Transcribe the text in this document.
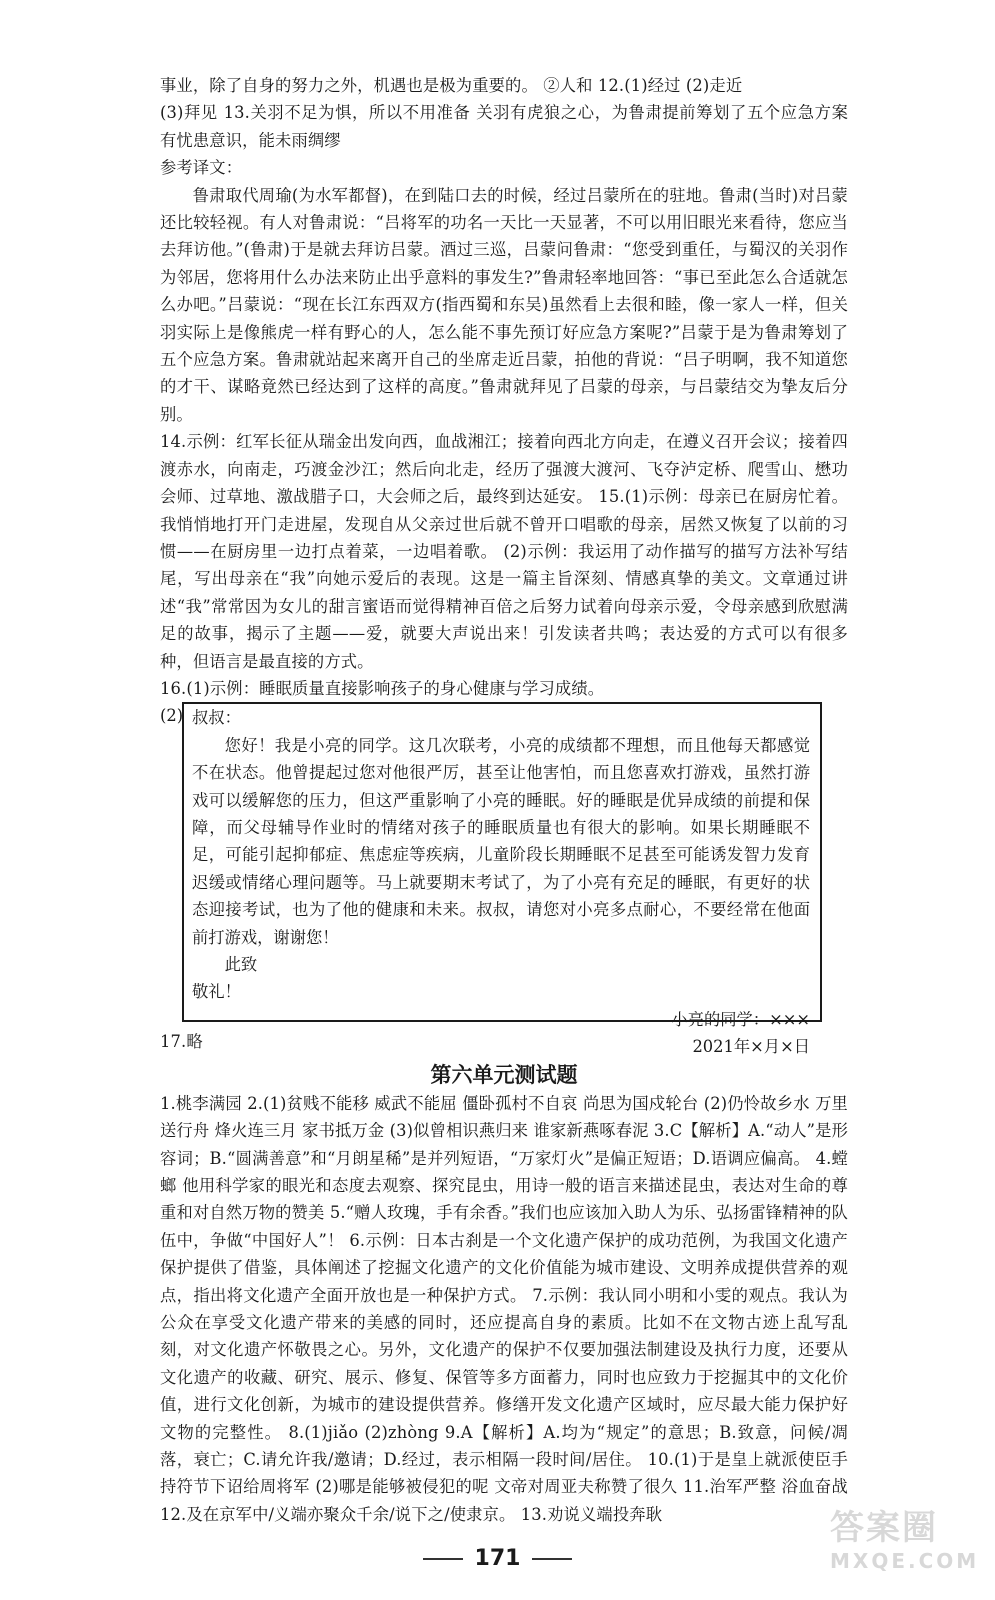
事业，除了自身的努力之外，机遇也是极为重要的。 ②人和 12.(1)经过 (2)走近

(3)拜见 13.关羽不足为惧，所以不用准备 关羽有虎狼之心，为鲁肃提前筹划了五个应急方案 有忧患意识，能未雨绸缪

参考译文：

鲁肃取代周瑜(为水军都督)，在到陆口去的时候，经过吕蒙所在的驻地。鲁肃(当时)对吕蒙还比较轻视。有人对鲁肃说：“吕将军的功名一天比一天显著，不可以用旧眼光来看待，您应当去拜访他。”(鲁肃)于是就去拜访吕蒙。酒过三巡，吕蒙问鲁肃：“您受到重任，与蜀汉的关羽作为邻居，您将用什么办法来防止出乎意料的事发生?”鲁肃轻率地回答：“事已至此怎么合适就怎么办吧。”吕蒙说：“现在长江东西双方(指西蜀和东吴)虽然看上去很和睦，像一家人一样，但关羽实际上是像熊虎一样有野心的人，怎么能不事先预订好应急方案呢?”吕蒙于是为鲁肃筹划了五个应急方案。鲁肃就站起来离开自己的坐席走近吕蒙，拍他的背说：“吕子明啊，我不知道您的才干、谋略竟然已经达到了这样的高度。”鲁肃就拜见了吕蒙的母亲，与吕蒙结交为挚友后分别。

14.示例：红军长征从瑞金出发向西，血战湘江；接着向西北方向走，在遵义召开会议；接着四渡赤水，向南走，巧渡金沙江；然后向北走，经历了强渡大渡河、飞夺泸定桥、爬雪山、懋功会师、过草地、激战腊子口，大会师之后，最终到达延安。 15.(1)示例：母亲已在厨房忙着。我悄悄地打开门走进屋，发现自从父亲过世后就不曾开口唱歌的母亲，居然又恢复了以前的习惯——在厨房里一边打点着菜，一边唱着歌。 (2)示例：我运用了动作描写的描写方法补写结尾，写出母亲在“我”向她示爱后的表现。这是一篇主旨深刻、情感真挚的美文。文章通过讲述“我”常常因为女儿的甜言蜜语而觉得精神百倍之后努力试着向母亲示爱，令母亲感到欣慰满足的故事，揭示了主题——爱，就要大声说出来！引发读者共鸣；表达爱的方式可以有很多种，但语言是最直接的方式。

16.(1)示例：睡眠质量直接影响孩子的身心健康与学习成绩。

(2) 叔叔：

您好！我是小亮的同学。这几次联考，小亮的成绩都不理想，而且他每天都感觉不在状态。他曾提起过您对他很严厉，甚至让他害怕，而且您喜欢打游戏，虽然打游戏可以缓解您的压力，但这严重影响了小亮的睡眠。好的睡眠是优异成绩的前提和保障，而父母辅导作业时的情绪对孩子的睡眠质量也有很大的影响。如果长期睡眠不足，可能引起抑郁症、焦虑症等疾病，儿童阶段长期睡眠不足甚至可能诱发智力发育迟缓或情绪心理问题等。马上就要期末考试了，为了小亮有充足的睡眠，有更好的状态迎接考试，也为了他的健康和未来。叔叔，请您对小亮多点耐心，不要经常在他面前打游戏，谢谢您！

此致

敬礼！

小亮的同学：×××

2021年×月×日

17.略

第六单元测试题

1.桃李满园 2.(1)贫贱不能移 威武不能屈 僵卧孤村不自哀 尚思为国戍轮台 (2)仍怜故乡水 万里送行舟 烽火连三月 家书抵万金 (3)似曾相识燕归来 谁家新燕啄春泥 3.C【解析】A.“动人”是形容词；B.“圆满善意”和“月朗星稀”是并列短语，“万家灯火”是偏正短语；D.语调应偏高。 4.螳螂 他用科学家的眼光和态度去观察、探究昆虫，用诗一般的语言来描述昆虫，表达对生命的尊重和对自然万物的赞美 5.“赠人玫瑰，手有余香。”我们也应该加入助人为乐、弘扬雷锋精神的队伍中，争做“中国好人”！ 6.示例：日本古刹是一个文化遗产保护的成功范例，为我国文化遗产保护提供了借鉴，具体阐述了挖掘文化遗产的文化价值能为城市建设、文明养成提供营养的观点，指出将文化遗产全面开放也是一种保护方式。 7.示例：我认同小明和小雯的观点。我认为公众在享受文化遗产带来的美感的同时，还应提高自身的素质。比如不在文物古迹上乱写乱刻，对文化遗产怀敬畏之心。另外，文化遗产的保护不仅要加强法制建设及执行力度，还要从文化遗产的收藏、研究、展示、修复、保管等多方面蓄力，同时也应致力于挖掘其中的文化价值，进行文化创新，为城市的建设提供营养。修缮开发文化遗产区域时，应尽最大能力保护好文物的完整性。 8.(1)jiǎo (2)zhòng 9.A【解析】A.均为“规定”的意思；B.致意，问候/凋落，衰亡；C.请允许我/邀请；D.经过，表示相隔一段时间/居住。 10.(1)于是皇上就派使臣手持符节下诏给周将军 (2)哪是能够被侵犯的呢 文帝对周亚夫称赞了很久 11.治军严整 浴血奋战 12.及在京军中/义端亦聚众千余/说下之/使隶京。 13.劝说义端投奔耿

171
答案圈
MXQE.COM
